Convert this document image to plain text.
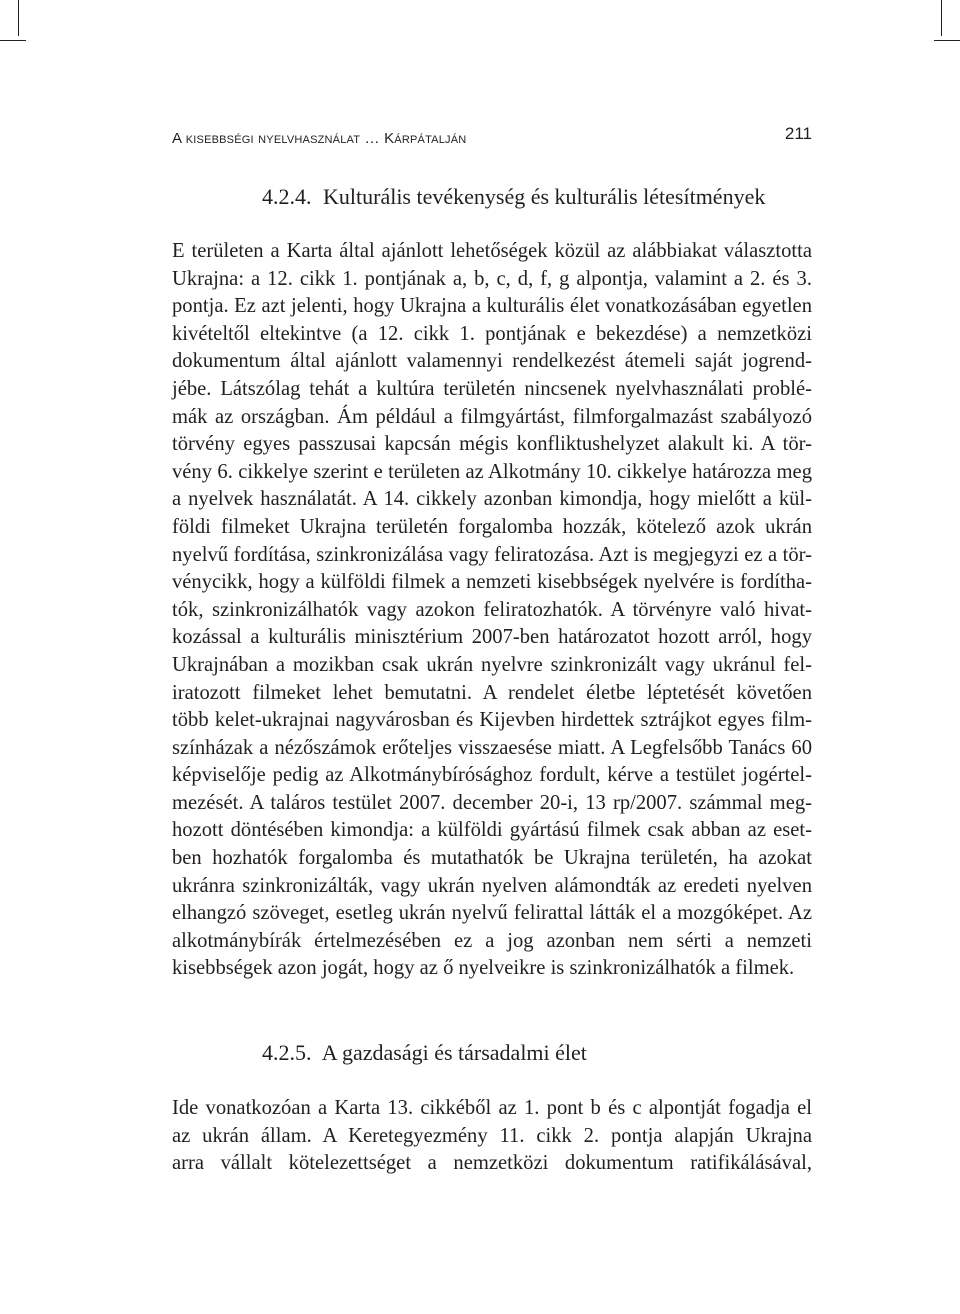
A kisebbségi nyelvhasználat … Kárpátalján	211
4.2.4. Kulturális tevékenység és kulturális létesítmények
E területen a Karta által ajánlott lehetőségek közül az alábbiakat választotta
Ukrajna: a 12. cikk 1. pontjának a, b, c, d, f, g alpontja, valamint a 2. és 3.
pontja. Ez azt jelenti, hogy Ukrajna a kulturális élet vonatkozásában egyetlen
kivételtől eltekintve (a 12. cikk 1. pontjának e bekezdése) a nemzetközi
dokumentum által ajánlott valamennyi rendelkezést átemeli saját jogrend-
jébe. Látszólag tehát a kultúra területén nincsenek nyelvhasználati problé-
mák az országban. Ám például a filmgyártást, filmforgalmazást szabályozó
törvény egyes passzusai kapcsán mégis konfliktushelyzet alakult ki. A tör-
vény 6. cikkelye szerint e területen az Alkotmány 10. cikkelye határozza meg
a nyelvek használatát. A 14. cikkely azonban kimondja, hogy mielőtt a kül-
földi filmeket Ukrajna területén forgalomba hozzák, kötelező azok ukrán
nyelvű fordítása, szinkronizálása vagy feliratozása. Azt is megjegyzi ez a tör-
vénycikk, hogy a külföldi filmek a nemzeti kisebbségek nyelvére is fordítha-
tók, szinkronizálhatók vagy azokon feliratozhatók. A törvényre való hivat-
kozással a kulturális minisztérium 2007-ben határozatot hozott arról, hogy
Ukrajnában a mozikban csak ukrán nyelvre szinkronizált vagy ukránul fel-
iratozott filmeket lehet bemutatni. A rendelet életbe léptetését követően
több kelet-ukrajnai nagyvárosban és Kijevben hirdettek sztrájkot egyes film-
színházak a nézőszámok erőteljes visszaesése miatt. A Legfelsőbb Tanács 60
képviselője pedig az Alkotmánybírósághoz fordult, kérve a testület jogértel-
mezését. A taláros testület 2007. december 20-i, 13 rp/2007. számmal meg-
hozott döntésében kimondja: a külföldi gyártású filmek csak abban az eset-
ben hozhatók forgalomba és mutathatók be Ukrajna területén, ha azokat
ukránra szinkronizálták, vagy ukrán nyelven alámondták az eredeti nyelven
elhangzó szöveget, esetleg ukrán nyelvű felirattal látták el a mozgóképet. Az
alkotmánybírák értelmezésében ez a jog azonban nem sérti a nemzeti
kisebbségek azon jogát, hogy az ő nyelveikre is szinkronizálhatók a filmek.
4.2.5. A gazdasági és társadalmi élet
Ide vonatkozóan a Karta 13. cikkéből az 1. pont b és c alpontját fogadja el
az ukrán állam. A Keretegyezmény 11. cikk 2. pontja alapján Ukrajna
arra vállalt kötelezettséget a nemzetközi dokumentum ratifikálásával,
